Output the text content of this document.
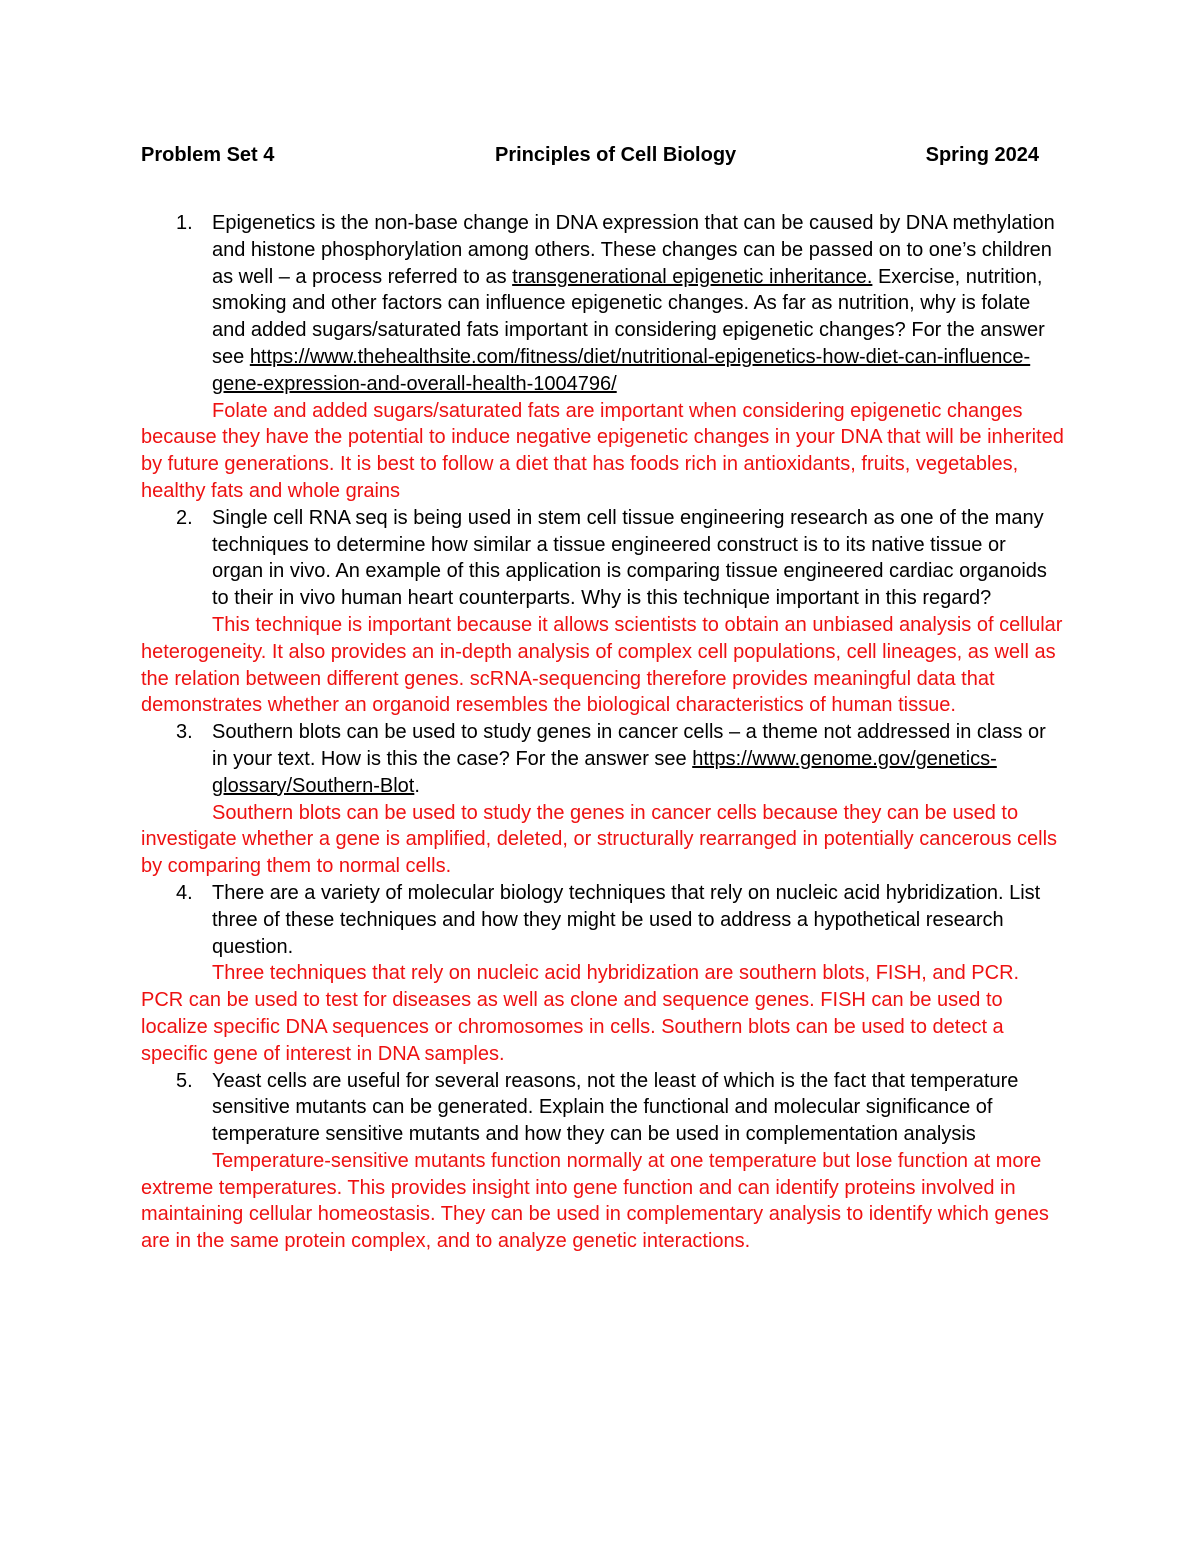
Problem Set 4	Principles of Cell Biology	Spring 2024
1. Epigenetics is the non-base change in DNA expression that can be caused by DNA methylation and histone phosphorylation among others. These changes can be passed on to one’s children as well – a process referred to as transgenerational epigenetic inheritance. Exercise, nutrition, smoking and other factors can influence epigenetic changes. As far as nutrition, why is folate and added sugars/saturated fats important in considering epigenetic changes? For the answer see https://www.thehealthsite.com/fitness/diet/nutritional-epigenetics-how-diet-can-influence-gene-expression-and-overall-health-1004796/
Folate and added sugars/saturated fats are important when considering epigenetic changes because they have the potential to induce negative epigenetic changes in your DNA that will be inherited by future generations. It is best to follow a diet that has foods rich in antioxidants, fruits, vegetables, healthy fats and whole grains
2. Single cell RNA seq is being used in stem cell tissue engineering research as one of the many techniques to determine how similar a tissue engineered construct is to its native tissue or organ in vivo. An example of this application is comparing tissue engineered cardiac organoids to their in vivo human heart counterparts. Why is this technique important in this regard?
This technique is important because it allows scientists to obtain an unbiased analysis of cellular heterogeneity. It also provides an in-depth analysis of complex cell populations, cell lineages, as well as the relation between different genes. scRNA-sequencing therefore provides meaningful data that demonstrates whether an organoid resembles the biological characteristics of human tissue.
3. Southern blots can be used to study genes in cancer cells – a theme not addressed in class or in your text. How is this the case? For the answer see https://www.genome.gov/genetics-glossary/Southern-Blot.
Southern blots can be used to study the genes in cancer cells because they can be used to investigate whether a gene is amplified, deleted, or structurally rearranged in potentially cancerous cells by comparing them to normal cells.
4. There are a variety of molecular biology techniques that rely on nucleic acid hybridization. List three of these techniques and how they might be used to address a hypothetical research question.
Three techniques that rely on nucleic acid hybridization are southern blots, FISH, and PCR. PCR can be used to test for diseases as well as clone and sequence genes. FISH can be used to localize specific DNA sequences or chromosomes in cells. Southern blots can be used to detect a specific gene of interest in DNA samples.
5. Yeast cells are useful for several reasons, not the least of which is the fact that temperature sensitive mutants can be generated. Explain the functional and molecular significance of temperature sensitive mutants and how they can be used in complementation analysis
Temperature-sensitive mutants function normally at one temperature but lose function at more extreme temperatures. This provides insight into gene function and can identify proteins involved in maintaining cellular homeostasis. They can be used in complementary analysis to identify which genes are in the same protein complex, and to analyze genetic interactions.
